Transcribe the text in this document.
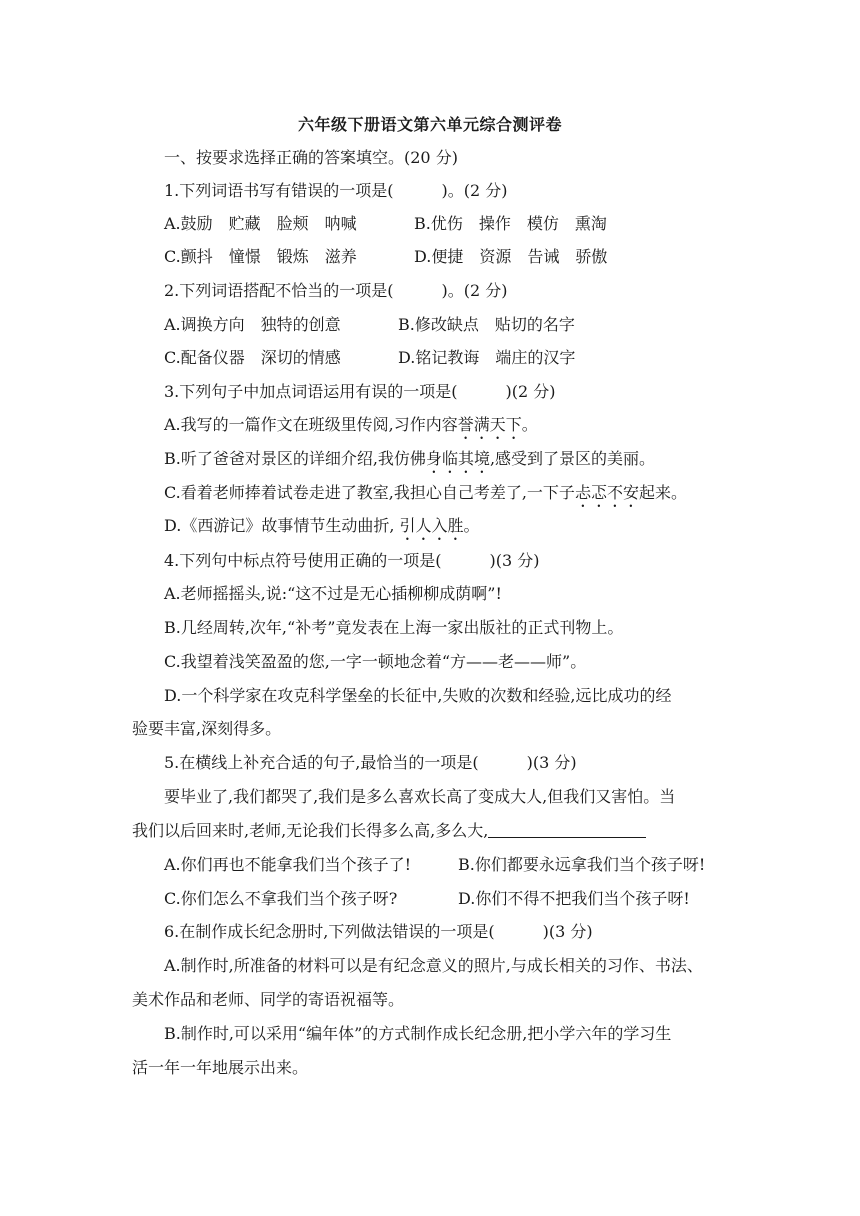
六年级下册语文第六单元综合测评卷
一、按要求选择正确的答案填空。(20 分)
1.下列词语书写有错误的一项是(　　　)。(2 分)
A.鼓励　贮藏　脸颊　呐喊	B.优伤　操作　模仿　熏淘
C.颤抖　憧憬　锻炼　滋养	D.便捷　资源　告诫　骄傲
2.下列词语搭配不恰当的一项是(　　　)。(2 分)
A.调换方向　独特的创意	B.修改缺点　贴切的名字
C.配备仪器　深切的情感	D.铭记教诲　端庄的汉字
3.下列句子中加点词语运用有误的一项是(　　　)(2 分)
A.我写的一篇作文在班级里传阅,习作内容誉满天下。
B.听了爸爸对景区的详细介绍,我仿佛身临其境,感受到了景区的美丽。
C.看着老师捧着试卷走进了教室,我担心自己考差了,一下子忐忑不安起来。
D.《西游记》故事情节生动曲折, 引人入胜。
4.下列句中标点符号使用正确的一项是(　　　)(3 分)
A.老师摇摇头,说:“这不过是无心插柳柳成荫啊”!
B.几经周转,次年,“补考”竟发表在上海一家出版社的正式刊物上。
C.我望着浅笑盈盈的您,一字一顿地念着“方——老——师”。
D.一个科学家在攻克科学堡垒的长征中,失败的次数和经验,远比成功的经
验要丰富,深刻得多。
5.在横线上补充合适的句子,最恰当的一项是(　　　)(3 分)
要毕业了,我们都哭了,我们是多么喜欢长高了变成大人,但我们又害怕。当
我们以后回来时,老师,无论我们长得多么高,多么大,
A.你们再也不能拿我们当个孩子了!	B.你们都要永远拿我们当个孩子呀!
C.你们怎么不拿我们当个孩子呀?	D.你们不得不把我们当个孩子呀!
6.在制作成长纪念册时,下列做法错误的一项是(　　　)(3 分)
A.制作时,所准备的材料可以是有纪念意义的照片,与成长相关的习作、书法、
美术作品和老师、同学的寄语祝福等。
B.制作时,可以采用“编年体”的方式制作成长纪念册,把小学六年的学习生
活一年一年地展示出来。
